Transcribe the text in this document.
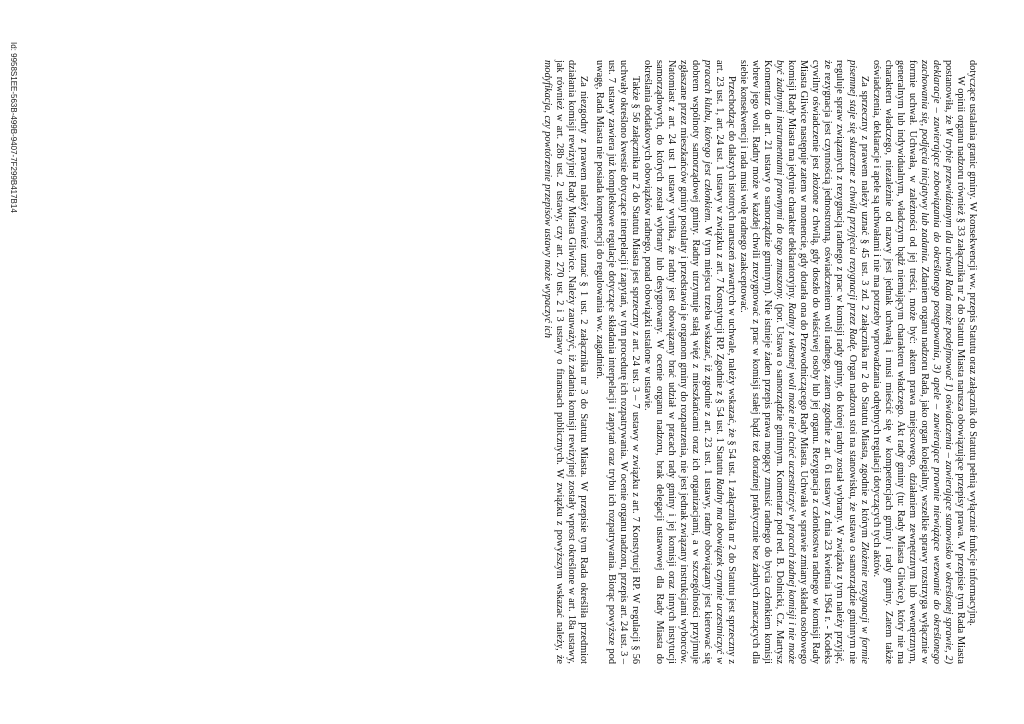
dotyczące ustalania granic gminy. W konsekwencji ww. przepis Statutu oraz załącznik do Statutu pełnią wyłącznie funkcje informacyjną.

W opinii organu nadzoru również § 33 załącznika nr 2 do Statutu Miasta narusza obowiązujące przepisy prawa. W przepisie tym Rada Miasta postanowiła, że W trybie przewidzianym dla uchwał Rada może podejmować 1) oświadczenia – zawierające stanowisko w określonej sprawie, 2) deklaracje – zawierające zobowiązania do określonego postępowania, 3) apele – zawierające prawnie niewiążące wezwanie do określonego zachowania się, podjęcia inicjatywy lub zadania. Zdaniem organu nadzoru Rada, jako organ kolegialny, wszelkie sprawy rozstrzyga wyłącznie w formie uchwał. Uchwała, w zależności od jej treści, może być: aktem prawa miejscowego, działaniem zewnętrznym lub wewnętrznym, generalnym lub indywidualnym, władczym bądź niemającym charakteru władczego. Akt rady gminy (tu: Rady Miasta Gliwice), który nie ma charakteru władczego, niezależnie od nazwy jest jednak uchwałą i musi mieścić się w kompetencjach gminy i rady gminy. Zatem także oświadczenia, deklaracje i apele są uchwałami i nie ma potrzeby wprowadzania odrębnych regulacji dotyczących tych aktów.

Za sprzeczny z prawem należy uznać § 45 ust. 3 zd. 2 załącznika nr 2 do Statutu Miasta, zgodnie z którym Złożenie rezygnacji w formie pisemnej staje się skuteczne z chwilą przyjęcia rezygnacji przez Radę. Organ nadzoru stoi na stanowisku, że ustawa o samorządzie gminnym nie reguluje spraw związanych z rezygnacją radnego z prac w komisji rady gminy, do której radny został wybrany. W związku z tym należy przyjąć, że rezygnacja jest czynnością jednostronną, oświadczeniem woli radnego, zatem zgodnie z art. 61 ustawy z dnia 23 kwietnia 1964 r. - Kodeks cywilny oświadczenie jest złożone z chwilą, gdy doszło do właściwej osoby lub jej organu. Rezygnacja z członkostwa radnego w komisji Rady Miasta Gliwice następuje zatem w momencie, gdy dotarła ona do Przewodniczącego Rady Miasta. Uchwała w sprawie zmiany składu osobowego komisji Rady Miasta ma jedynie charakter deklaratoryjny. Radny z własnej woli może nie chcieć uczestniczyć w pracach żadnej komisji i nie może być żadnymi instrumentami prawnymi do tego zmuszony. (por. Ustawa o samorządzie gminnym. Komentarz pod red. B. Dolnicki, Cz. Martysz Komentarz do art. 21 ustawy o samorządzie gminnym). Nie istnieje żaden przepis prawa mogący zmusić radnego do bycia członkiem komisji wbrew jego woli. Radny może w każdej chwili zrezygnować z prac w komisji stałej bądź też doraźnej praktycznie bez żadnych znaczących dla siebie konsekwencji i rada musi wolę radnego zaakceptować.

Przechodząc do dalszych istotnych naruszeń zawartych w uchwale, należy wskazać, że § 54 ust. 1 załącznika nr 2 do Statutu jest sprzeczny z art. 23 ust. 1, art. 24 ust. 1 ustawy w związku z art. 7 Konstytucji RP. Zgodnie z § 54 ust. 1 Statutu Radny ma obowiązek czynnie uczestniczyć w pracach klubu, którego jest członkiem. W tym miejscu trzeba wskazać, iż zgodnie z art. 23 ust. 1 ustawy, radny obowiązany jest kierować się dobrem wspólnoty samorządowej gminy. Radny utrzymuje stałą więź z mieszkańcami oraz ich organizacjami, a w szczególności przyjmuje zgłaszane przez mieszkańców gminy postulaty i przedstawia je organom gminy do rozpatrzenia, nie jest jednak związany instrukcjami wyborców. Natomiast z art. 24 ust 1 ustawy wynika, że radny jest obowiązany brać udział w pracach rady gminy i jej komisji oraz innych instytucji samorządowych, do których został wybrany lub desygnowany. W ocenie organu nadzoru, brak delegacji ustawowej dla Rady Miasta do określania dodatkowych obowiązków radnego, ponad obowiązki ustalone w ustawie.

Także § 56 załącznika nr 2 do Statutu Miasta jest sprzeczny z art. 24 ust. 3 – 7 ustawy w związku z art. 7 Konstytucji RP. W regulacji § 56 uchwały określono kwestie dotyczące interpelacji i zapytań, w tym procedurę ich rozpatrywania. W ocenie organu nadzoru, przepis art. 24 ust. 3 – ust. 7 ustawy zawiera już kompleksowe regulacje dotyczące składania interpelacji i zapytań oraz trybu ich rozpatrywania. Biorąc powyższe pod uwagę, Rada Miasta nie posiada kompetencji do regulowania ww. zagadnień.

Za niezgodny z prawem należy również uznać § 1 ust. 2 załącznika nr 3 do Statutu Miasta. W przepisie tym Rada określiła przedmiot działania komisji rewizyjnej Rady Miasta Gliwice. Należy zauważyć, iż zadania komisji rewizyjnej zostały wprost określone w art. 18a ustawy, jak również w art. 28b ust. 2 ustawy, czy art. 270 ust. 2 i 3 ustawy o finansach publicznych. W związku z powyższym wskazać należy, że modyfikacja, czy powtórzenie przepisów ustawy może wypaczyć ich

Id: 9958S1EE-563B-499B-9407-7F299B417B14
